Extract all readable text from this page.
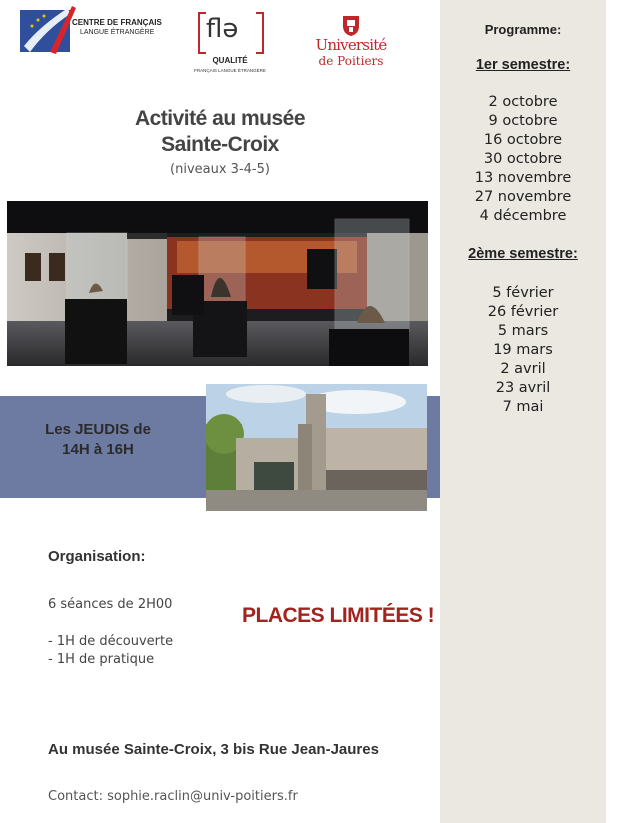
CENTRE DE FRANÇAIS
LANGUE ÉTRANGÈRE flə
QUALITÉ
FRANÇAIS LANGUE ÉTRANGÈRE
Université
de Poitiers
Activité au musée
Sainte-Croix
(niveaux 3-4-5)
Les JEUDIS de
14H à 16H
Organisation:
6 séances de 2H00
- 1H de découverte
- 1H de pratique
PLACES LIMITÉES !
Au musée Sainte-Croix, 3 bis Rue Jean-Jaures
Contact: sophie.raclin@univ-poitiers.fr
Programme:
1er semestre:
2 octobre
9 octobre
16 octobre
30 octobre
13 novembre
27 novembre
4 décembre
2ème semestre:
5 février
26 février
5 mars
19 mars
2 avril
23 avril
7 mai
